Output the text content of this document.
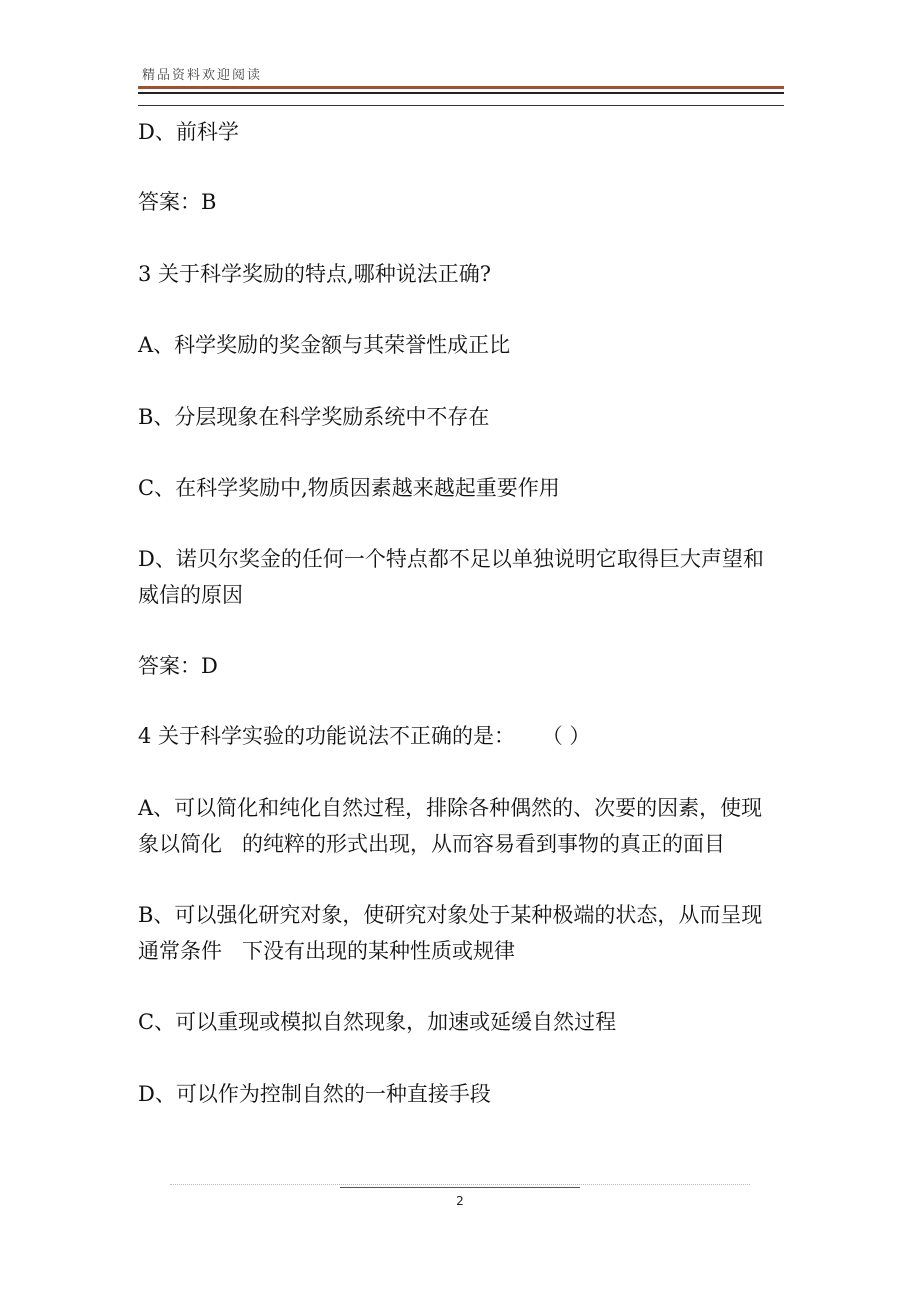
精品资料欢迎阅读
D、前科学
答案：B
3 关于科学奖励的特点,哪种说法正确?
A、科学奖励的奖金额与其荣誉性成正比
B、分层现象在科学奖励系统中不存在
C、在科学奖励中,物质因素越来越起重要作用
D、诺贝尔奖金的任何一个特点都不足以单独说明它取得巨大声望和
威信的原因
答案：D
4 关于科学实验的功能说法不正确的是：    （ ）
A、可以简化和纯化自然过程，排除各种偶然的、次要的因素，使现
象以简化   的纯粹的形式出现，从而容易看到事物的真正的面目
B、可以强化研究对象，使研究对象处于某种极端的状态，从而呈现
通常条件   下没有出现的某种性质或规律
C、可以重现或模拟自然现象，加速或延缓自然过程
D、可以作为控制自然的一种直接手段
2
